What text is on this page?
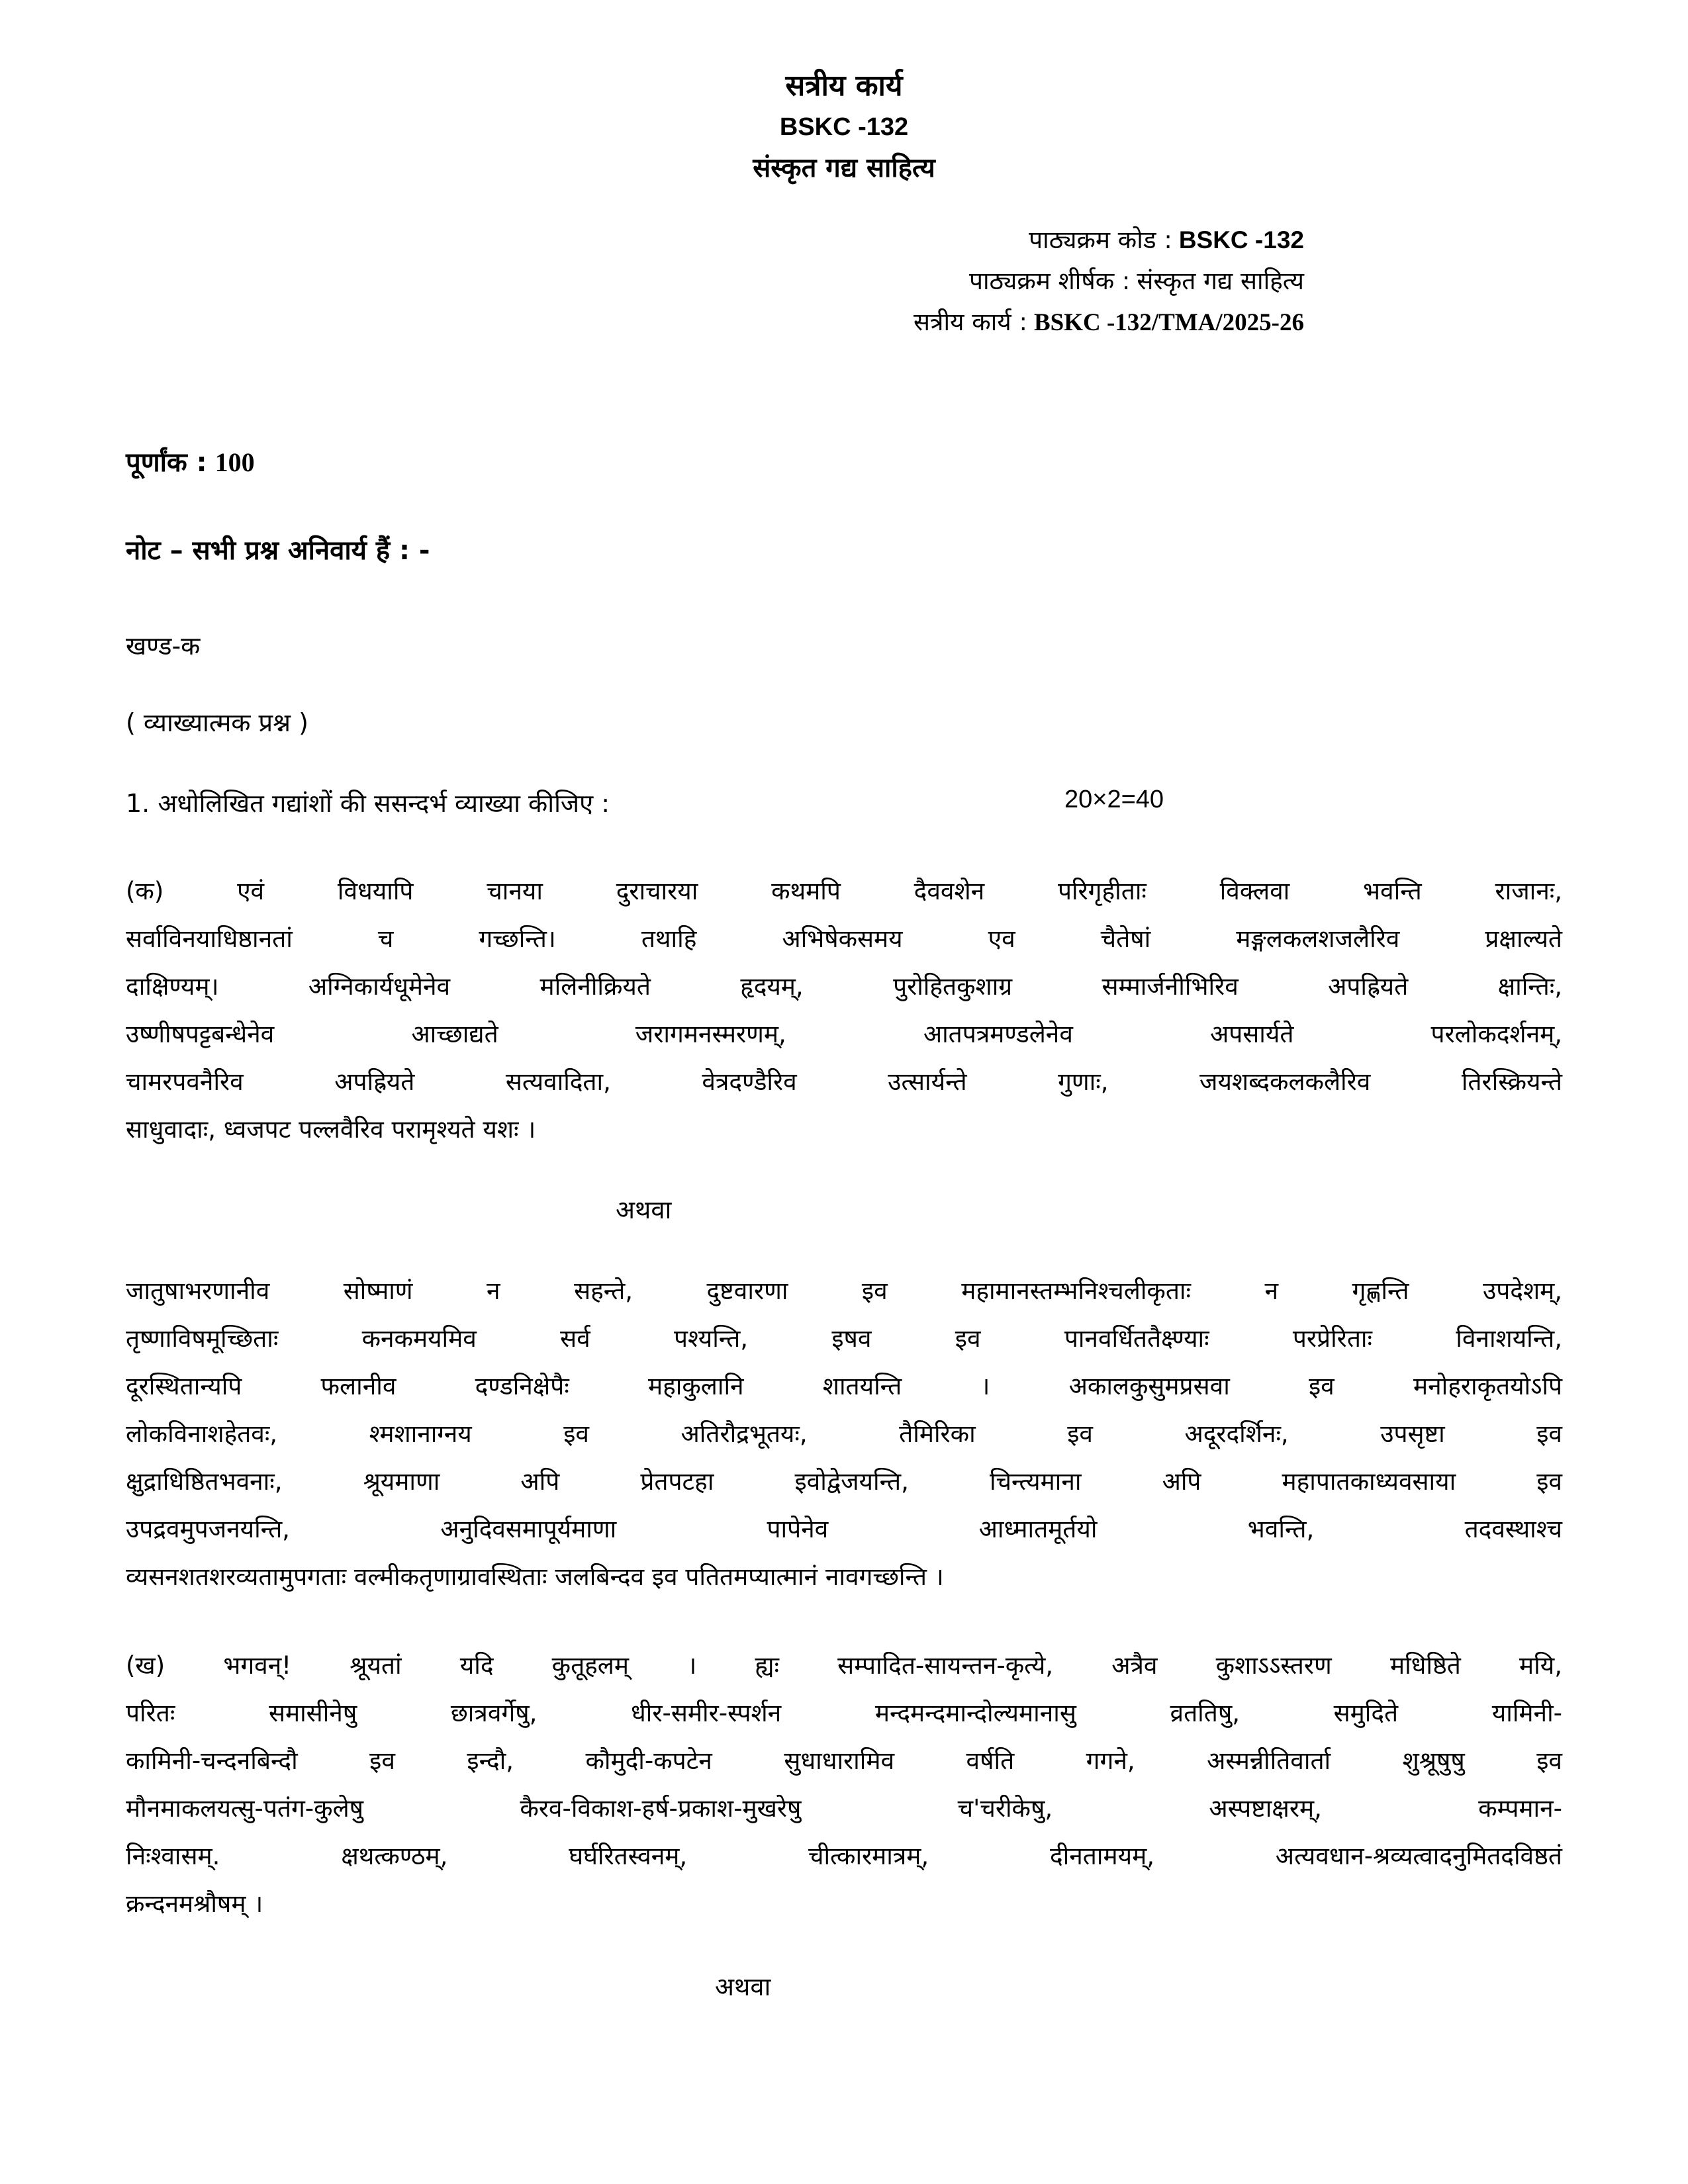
सत्रीय कार्य
BSKC -132
संस्कृत गद्य साहित्य
पाठ्यक्रम कोड : BSKC -132
पाठ्यक्रम शीर्षक : संस्कृत गद्य साहित्य
सत्रीय कार्य : BSKC -132/TMA/2025-26
पूर्णांक : 100
नोट – सभी प्रश्न अनिवार्य हैं : -
खण्ड-क
( व्याख्यात्मक प्रश्न )
1. अधोलिखित गद्यांशों की ससन्दर्भ व्याख्या कीजिए :	20×2=40
(क) एवं विधयापि चानया दुराचारया कथमपि दैववशेन परिगृहीताः विक्लवा भवन्ति राजानः,
सर्वाविनयाधिष्ठानतां च गच्छन्ति। तथाहि अभिषेकसमय एव चैतेषां मङ्गलकलशजलैरिव प्रक्षाल्यते
दाक्षिण्यम्। अग्निकार्यधूमेनेव मलिनीक्रियते हृदयम्, पुरोहितकुशाग्र सम्मार्जनीभिरिव अपह्रियते क्षान्तिः,
उष्णीषपट्टबन्धेनेव आच्छाद्यते जरागमनस्मरणम्, आतपत्रमण्डलेनेव अपसार्यते परलोकदर्शनम्,
चामरपवनैरिव अपह्रियते सत्यवादिता, वेत्रदण्डैरिव उत्सार्यन्ते गुणाः, जयशब्दकलकलैरिव तिरस्क्रियन्ते
साधुवादाः, ध्वजपट पल्लवैरिव परामृश्यते यशः ।
अथवा
जातुषाभरणानीव सोष्माणं न सहन्ते, दुष्टवारणा इव महामानस्तम्भनिश्चलीकृताः न गृह्णन्ति उपदेशम्,
तृष्णाविषमूच्छिताः कनकमयमिव सर्व पश्यन्ति, इषव इव पानवर्धिततैक्ष्ण्याः परप्रेरिताः विनाशयन्ति,
दूरस्थितान्यपि फलानीव दण्डनिक्षेपैः महाकुलानि शातयन्ति । अकालकुसुमप्रसवा इव मनोहराकृतयोऽपि
लोकविनाशहेतवः, श्मशानाग्नय इव अतिरौद्रभूतयः, तैमिरिका इव अदूरदर्शिनः, उपसृष्टा इव
क्षुद्राधिष्ठितभवनाः, श्रूयमाणा अपि प्रेतपटहा इवोद्वेजयन्ति, चिन्त्यमाना अपि महापातकाध्यवसाया इव
उपद्रवमुपजनयन्ति, अनुदिवसमापूर्यमाणा पापेनेव आध्मातमूर्तयो भवन्ति, तदवस्थाश्च
व्यसनशतशरव्यतामुपगताः वल्मीकतृणाग्रावस्थिताः जलबिन्दव इव पतितमप्यात्मानं नावगच्छन्ति ।
(ख) भगवन्! श्रूयतां यदि कुतूहलम् । ह्यः सम्पादित-सायन्तन-कृत्ये, अत्रैव कुशाऽऽस्तरण मधिष्ठिते मयि,
परितः समासीनेषु छात्रवर्गेषु, धीर-समीर-स्पर्शन मन्दमन्दमान्दोल्यमानासु व्रततिषु, समुदिते यामिनी-
कामिनी-चन्दनबिन्दौ इव इन्दौ, कौमुदी-कपटेन सुधाधारामिव वर्षति गगने, अस्मन्नीतिवार्ता शुश्रूषुषु इव
मौनमाकलयत्सु-पतंग-कुलेषु कैरव-विकाश-हर्ष-प्रकाश-मुखरेषु च'चरीकेषु, अस्पष्टाक्षरम्, कम्पमान-
निःश्वासम्. क्षथत्कण्ठम्, घर्घरितस्वनम्, चीत्कारमात्रम्, दीनतामयम्, अत्यवधान-श्रव्यत्वादनुमितदविष्ठतं
क्रन्दनमश्रौषम् ।
अथवा
